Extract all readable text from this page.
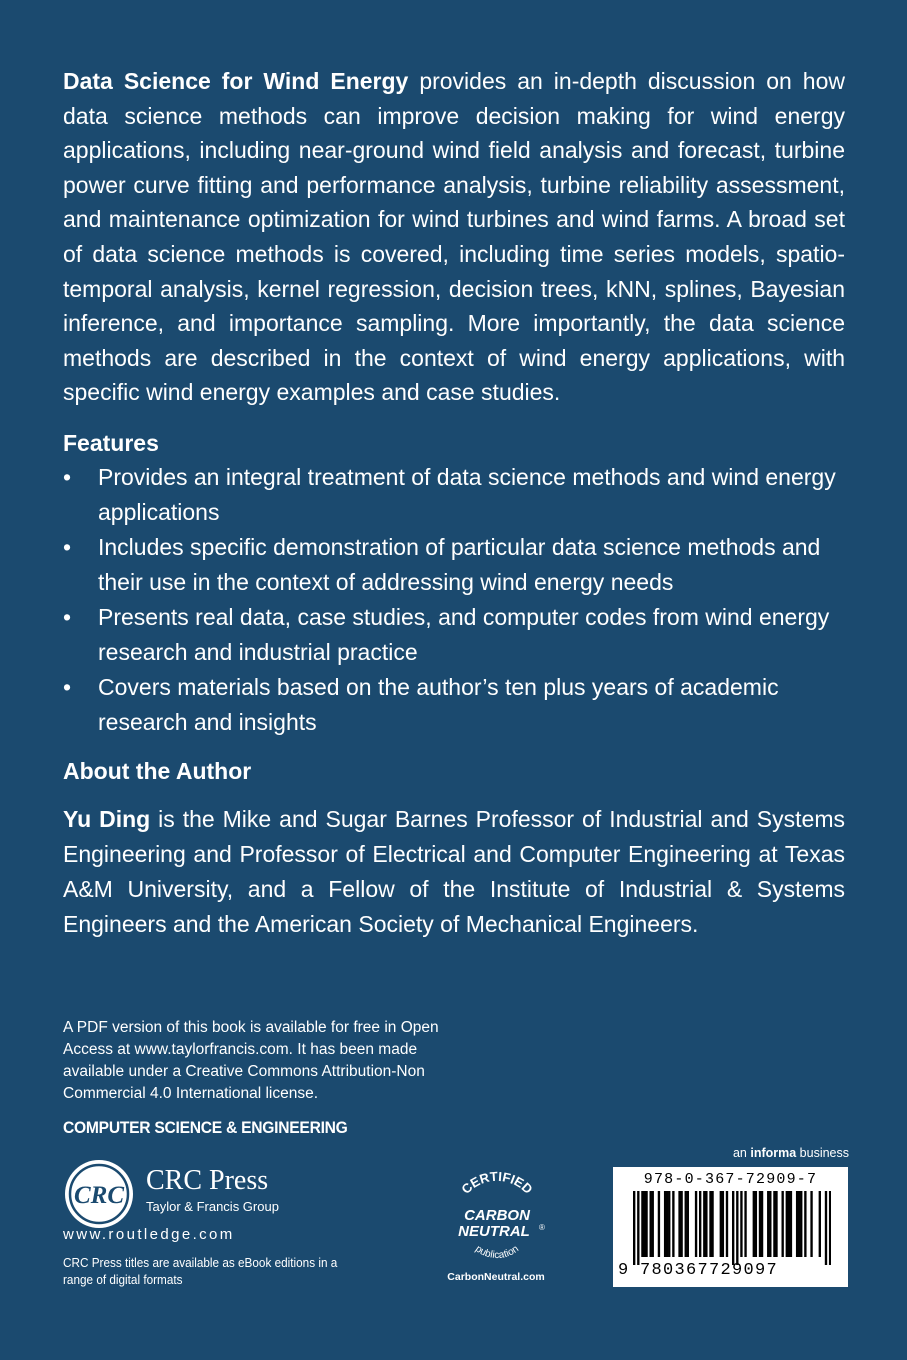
Data Science for Wind Energy provides an in-depth discussion on how data science methods can improve decision making for wind energy applications, including near-ground wind field analysis and forecast, turbine power curve fitting and performance analysis, turbine reliability assessment, and maintenance optimization for wind turbines and wind farms. A broad set of data science methods is covered, including time series models, spatio-temporal analysis, kernel regression, decision trees, kNN, splines, Bayesian inference, and importance sampling. More importantly, the data science methods are described in the context of wind energy applications, with specific wind energy examples and case studies.
Features
• Provides an integral treatment of data science methods and wind energy applications
• Includes specific demonstration of particular data science methods and their use in the context of addressing wind energy needs
• Presents real data, case studies, and computer codes from wind energy research and industrial practice
• Covers materials based on the author’s ten plus years of academic research and insights
About the Author
Yu Ding is the Mike and Sugar Barnes Professor of Industrial and Systems Engineering and Professor of Electrical and Computer Engineering at Texas A&M University, and a Fellow of the Institute of Industrial & Systems Engineers and the American Society of Mechanical Engineers.
A PDF version of this book is available for free in Open Access at www.taylorfrancis.com. It has been made available under a Creative Commons Attribution-Non Commercial 4.0 International license.
COMPUTER SCIENCE & ENGINEERING
CRC CRC Press
Taylor & Francis Group
www.routledge.com
CRC Press titles are available as eBook editions in a range of digital formats
CERTIFIED
CARBON
NEUTRAL ®
publication
CarbonNeutral.com
an informa business
978-0-367-72909-7
9 780367729097
